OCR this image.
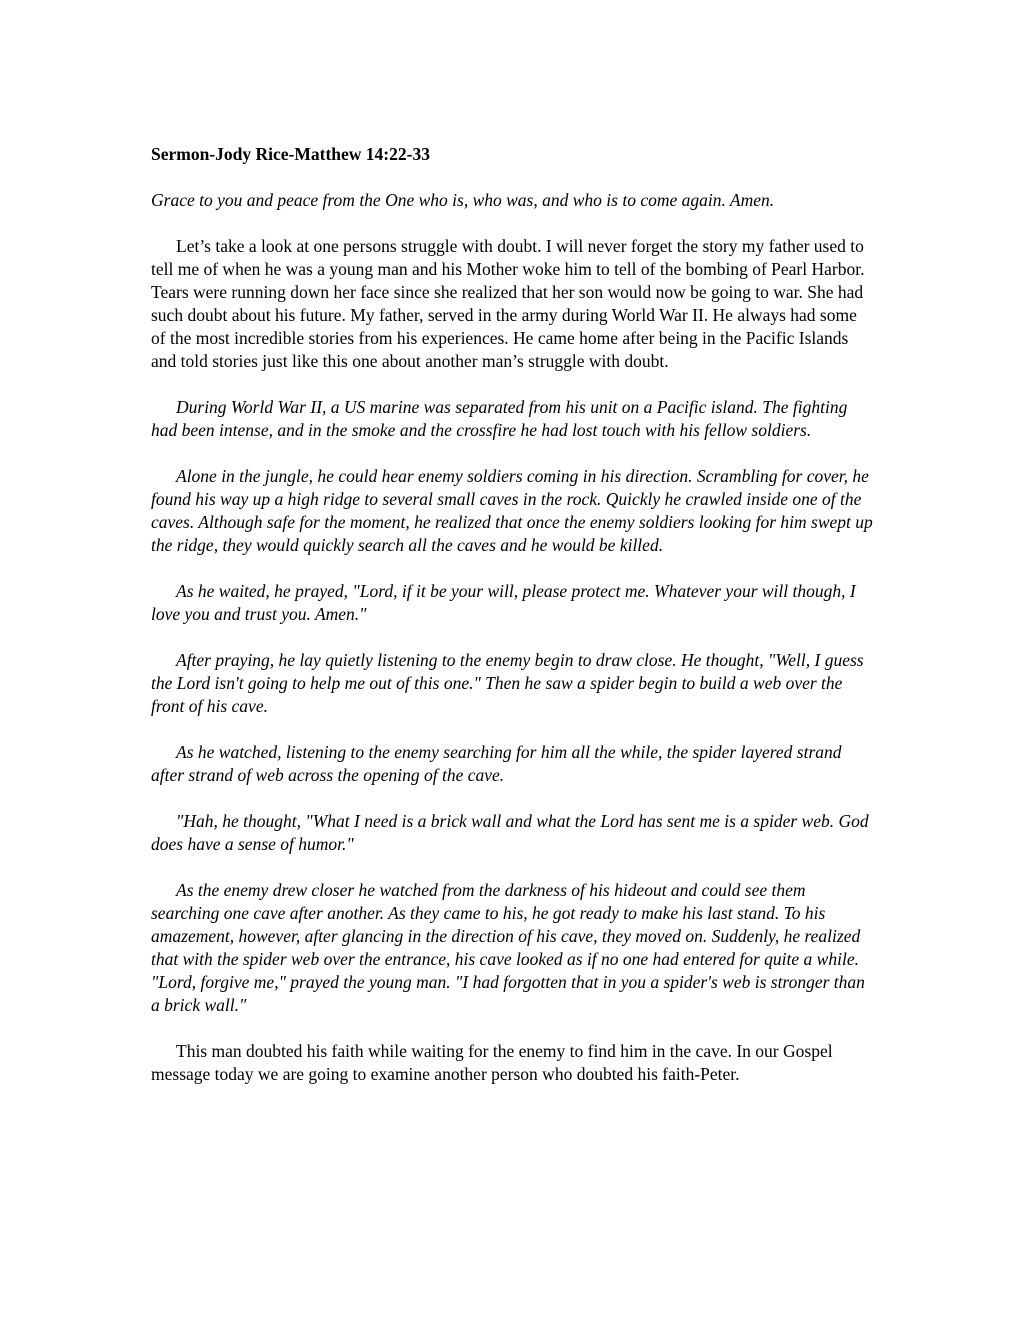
Sermon-Jody Rice-Matthew 14:22-33

Grace to you and peace from the One who is, who was, and who is to come again. Amen.

Let’s take a look at one persons struggle with doubt. I will never forget the story my father used to tell me of when he was a young man and his Mother woke him to tell of the bombing of Pearl Harbor. Tears were running down her face since she realized that her son would now be going to war. She had such doubt about his future. My father, served in the army during World War II. He always had some of the most incredible stories from his experiences. He came home after being in the Pacific Islands and told stories just like this one about another man’s struggle with doubt.

During World War II, a US marine was separated from his unit on a Pacific island. The fighting had been intense, and in the smoke and the crossfire he had lost touch with his fellow soldiers.

Alone in the jungle, he could hear enemy soldiers coming in his direction. Scrambling for cover, he found his way up a high ridge to several small caves in the rock. Quickly he crawled inside one of the caves. Although safe for the moment, he realized that once the enemy soldiers looking for him swept up the ridge, they would quickly search all the caves and he would be killed.

As he waited, he prayed, "Lord, if it be your will, please protect me. Whatever your will though, I love you and trust you. Amen."

After praying, he lay quietly listening to the enemy begin to draw close. He thought, "Well, I guess the Lord isn't going to help me out of this one." Then he saw a spider begin to build a web over the front of his cave.

As he watched, listening to the enemy searching for him all the while, the spider layered strand after strand of web across the opening of the cave.

"Hah, he thought, "What I need is a brick wall and what the Lord has sent me is a spider web. God does have a sense of humor."

As the enemy drew closer he watched from the darkness of his hideout and could see them searching one cave after another. As they came to his, he got ready to make his last stand. To his amazement, however, after glancing in the direction of his cave, they moved on. Suddenly, he realized that with the spider web over the entrance, his cave looked as if no one had entered for quite a while. "Lord, forgive me," prayed the young man. "I had forgotten that in you a spider's web is stronger than a brick wall."

This man doubted his faith while waiting for the enemy to find him in the cave. In our Gospel message today we are going to examine another person who doubted his faith-Peter.
